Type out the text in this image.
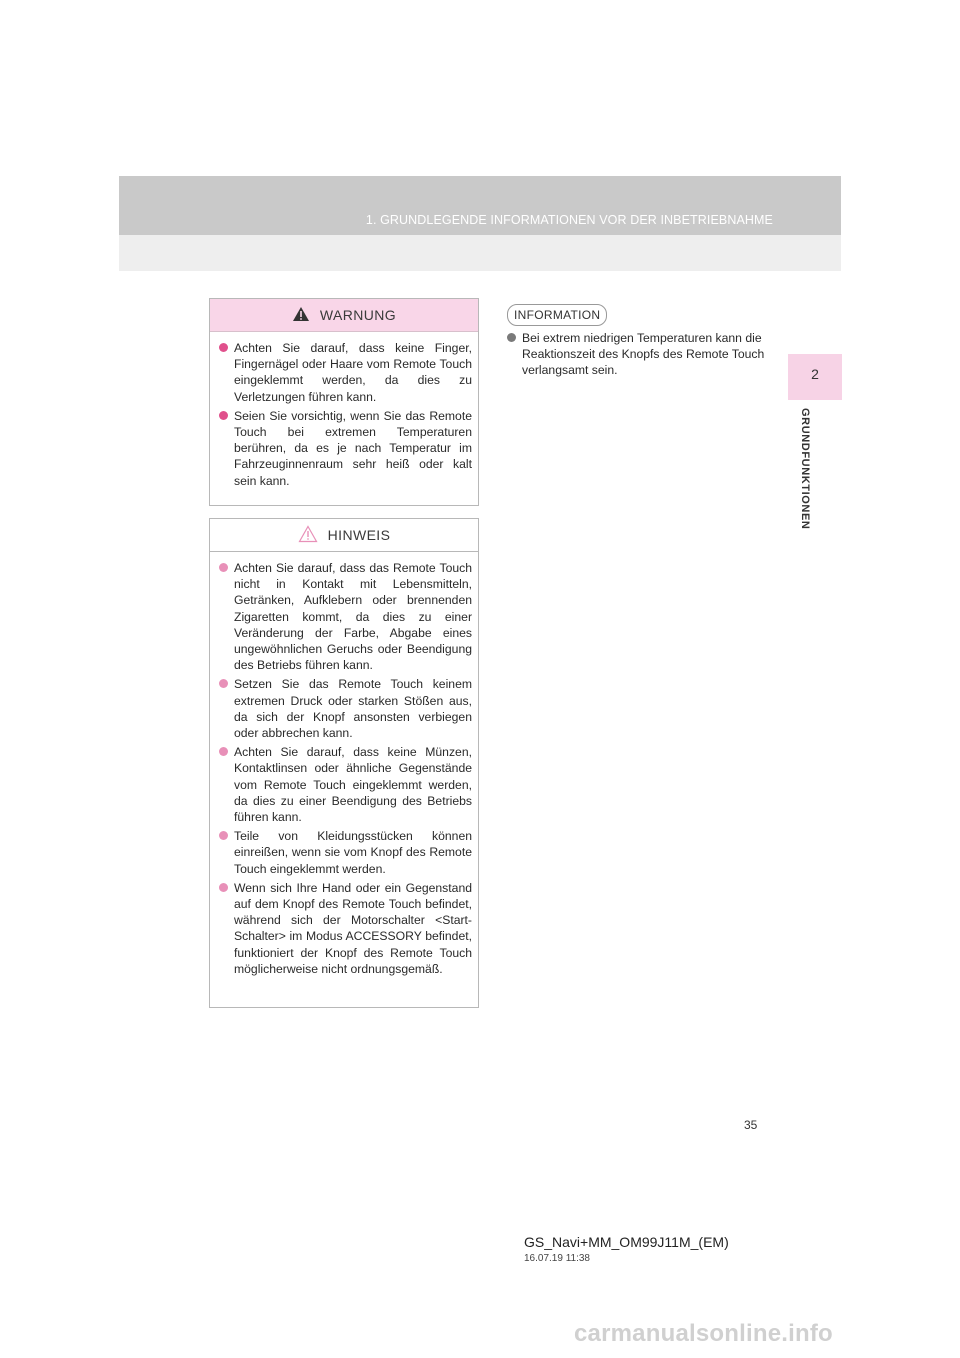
1. GRUNDLEGENDE INFORMATIONEN VOR DER INBETRIEBNAHME
2
GRUNDFUNKTIONEN
WARNUNG
Achten Sie darauf, dass keine Finger, Fingernägel oder Haare vom Remote Touch eingeklemmt werden, da dies zu Verletzungen führen kann.
Seien Sie vorsichtig, wenn Sie das Remote Touch bei extremen Temperaturen berühren, da es je nach Temperatur im Fahrzeuginnenraum sehr heiß oder kalt sein kann.
HINWEIS
Achten Sie darauf, dass das Remote Touch nicht in Kontakt mit Lebensmitteln, Getränken, Aufklebern oder brennenden Zigaretten kommt, da dies zu einer Veränderung der Farbe, Abgabe eines ungewöhnlichen Geruchs oder Beendigung des Betriebs führen kann.
Setzen Sie das Remote Touch keinem extremen Druck oder starken Stößen aus, da sich der Knopf ansonsten verbiegen oder abbrechen kann.
Achten Sie darauf, dass keine Münzen, Kontaktlinsen oder ähnliche Gegenstände vom Remote Touch eingeklemmt werden, da dies zu einer Beendigung des Betriebs führen kann.
Teile von Kleidungsstücken können einreißen, wenn sie vom Knopf des Remote Touch eingeklemmt werden.
Wenn sich Ihre Hand oder ein Gegenstand auf dem Knopf des Remote Touch befindet, während sich der Motorschalter <Start-Schalter> im Modus ACCESSORY befindet, funktioniert der Knopf des Remote Touch möglicherweise nicht ordnungsgemäß.
INFORMATION
Bei extrem niedrigen Temperaturen kann die Reaktionszeit des Knopfs des Remote Touch verlangsamt sein.
35
GS_Navi+MM_OM99J11M_(EM)
16.07.19 11:38
carmanualsonline.info
